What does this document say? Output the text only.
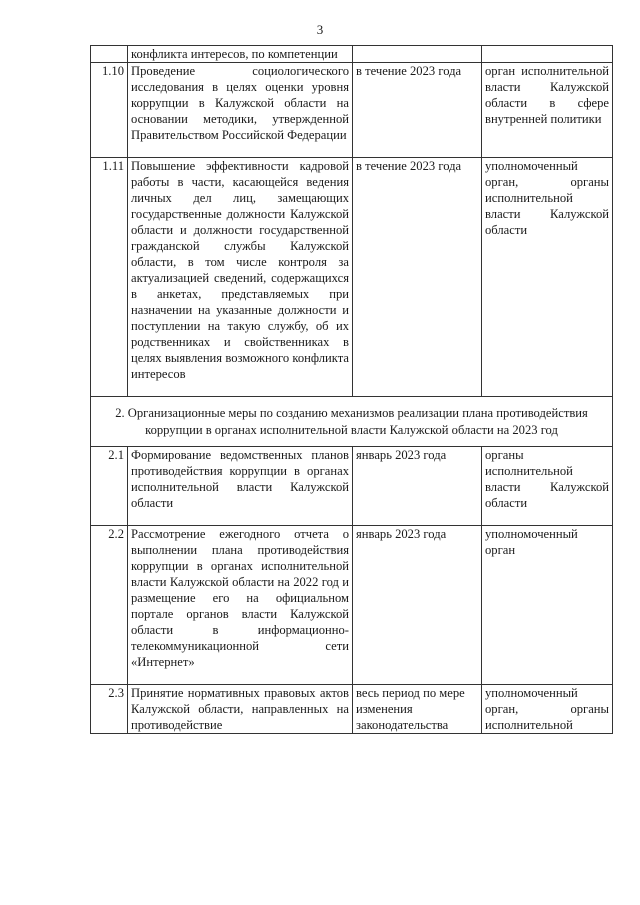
3
	конфликта интересов, по компетенции		
1.10	Проведение социологического исследования в целях оценки уровня коррупции в Калужской области на основании методики, утвержденной Правительством Российской Федерации	в течение 2023 года	орган исполнительной власти Калужской области в сфере внутренней политики
1.11	Повышение эффективности кадровой работы в части, касающейся ведения личных дел лиц, замещающих государственные должности Калужской области и должности государственной гражданской службы Калужской области, в том числе контроля за актуализацией сведений, содержащихся в анкетах, представляемых при назначении на указанные должности и поступлении на такую службу, об их родственниках и свойственниках в целях выявления возможного конфликта интересов	в течение 2023 года	уполномоченный орган, органы исполнительной власти Калужской области
2. Организационные меры по созданию механизмов реализации плана противодействия коррупции в органах исполнительной власти Калужской области на 2023 год			
2.1	Формирование ведомственных планов противодействия коррупции в органах исполнительной власти Калужской области	январь 2023 года	органы исполнительной власти Калужской области
2.2	Рассмотрение ежегодного отчета о выполнении плана противодействия коррупции в органах исполнительной власти Калужской области на 2022 год и размещение его на официальном портале органов власти Калужской области в информационно-телекоммуникационной сети «Интернет»	январь 2023 года	уполномоченный орган
2.3	Принятие нормативных правовых актов Калужской области, направленных на противодействие	весь период по мере изменения законодательства	уполномоченный орган, органы исполнительной
